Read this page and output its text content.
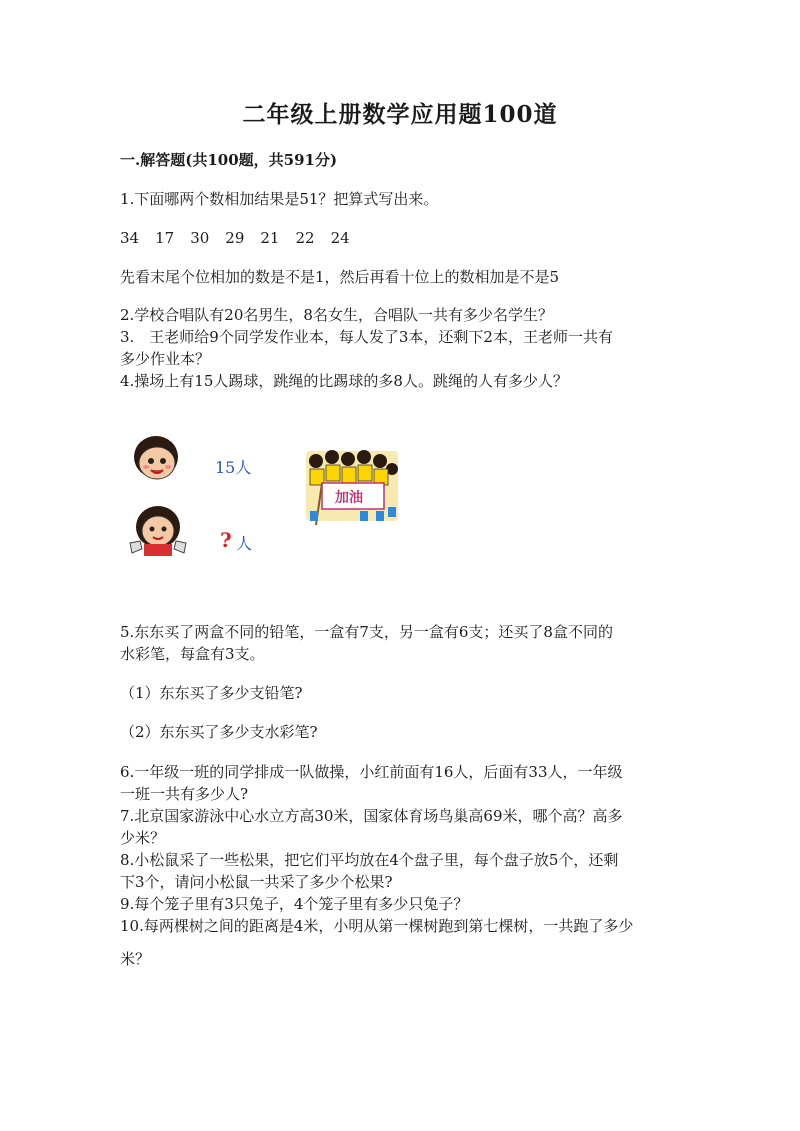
二年级上册数学应用题100道
一.解答题(共100题，共591分)
1.下面哪两个数相加结果是51？把算式写出来。
34 17 30 29 21 22 24
先看末尾个位相加的数是不是1，然后再看十位上的数相加是不是5
2.学校合唱队有20名男生，8名女生，合唱队一共有多少名学生？
3.　王老师给9个同学发作业本，每人发了3本，还剩下2本，王老师一共有
多少作业本？
4.操场上有15人踢球，跳绳的比踢球的多8人。跳绳的人有多少人？
15人
? 人
加油
5.东东买了两盒不同的铅笔，一盒有7支，另一盒有6支；还买了8盒不同的
水彩笔，每盒有3支。
（1）东东买了多少支铅笔?
（2）东东买了多少支水彩笔?
6.一年级一班的同学排成一队做操，小红前面有16人，后面有33人，一年级
一班一共有多少人?
7.北京国家游泳中心水立方高30米，国家体育场鸟巢高69米，哪个高？高多
少米？
8.小松鼠采了一些松果，把它们平均放在4个盘子里，每个盘子放5个，还剩
下3个，请问小松鼠一共采了多少个松果?
9.每个笼子里有3只兔子，4个笼子里有多少只兔子？
10.每两棵树之间的距离是4米，小明从第一棵树跑到第七棵树，一共跑了多少
米？
